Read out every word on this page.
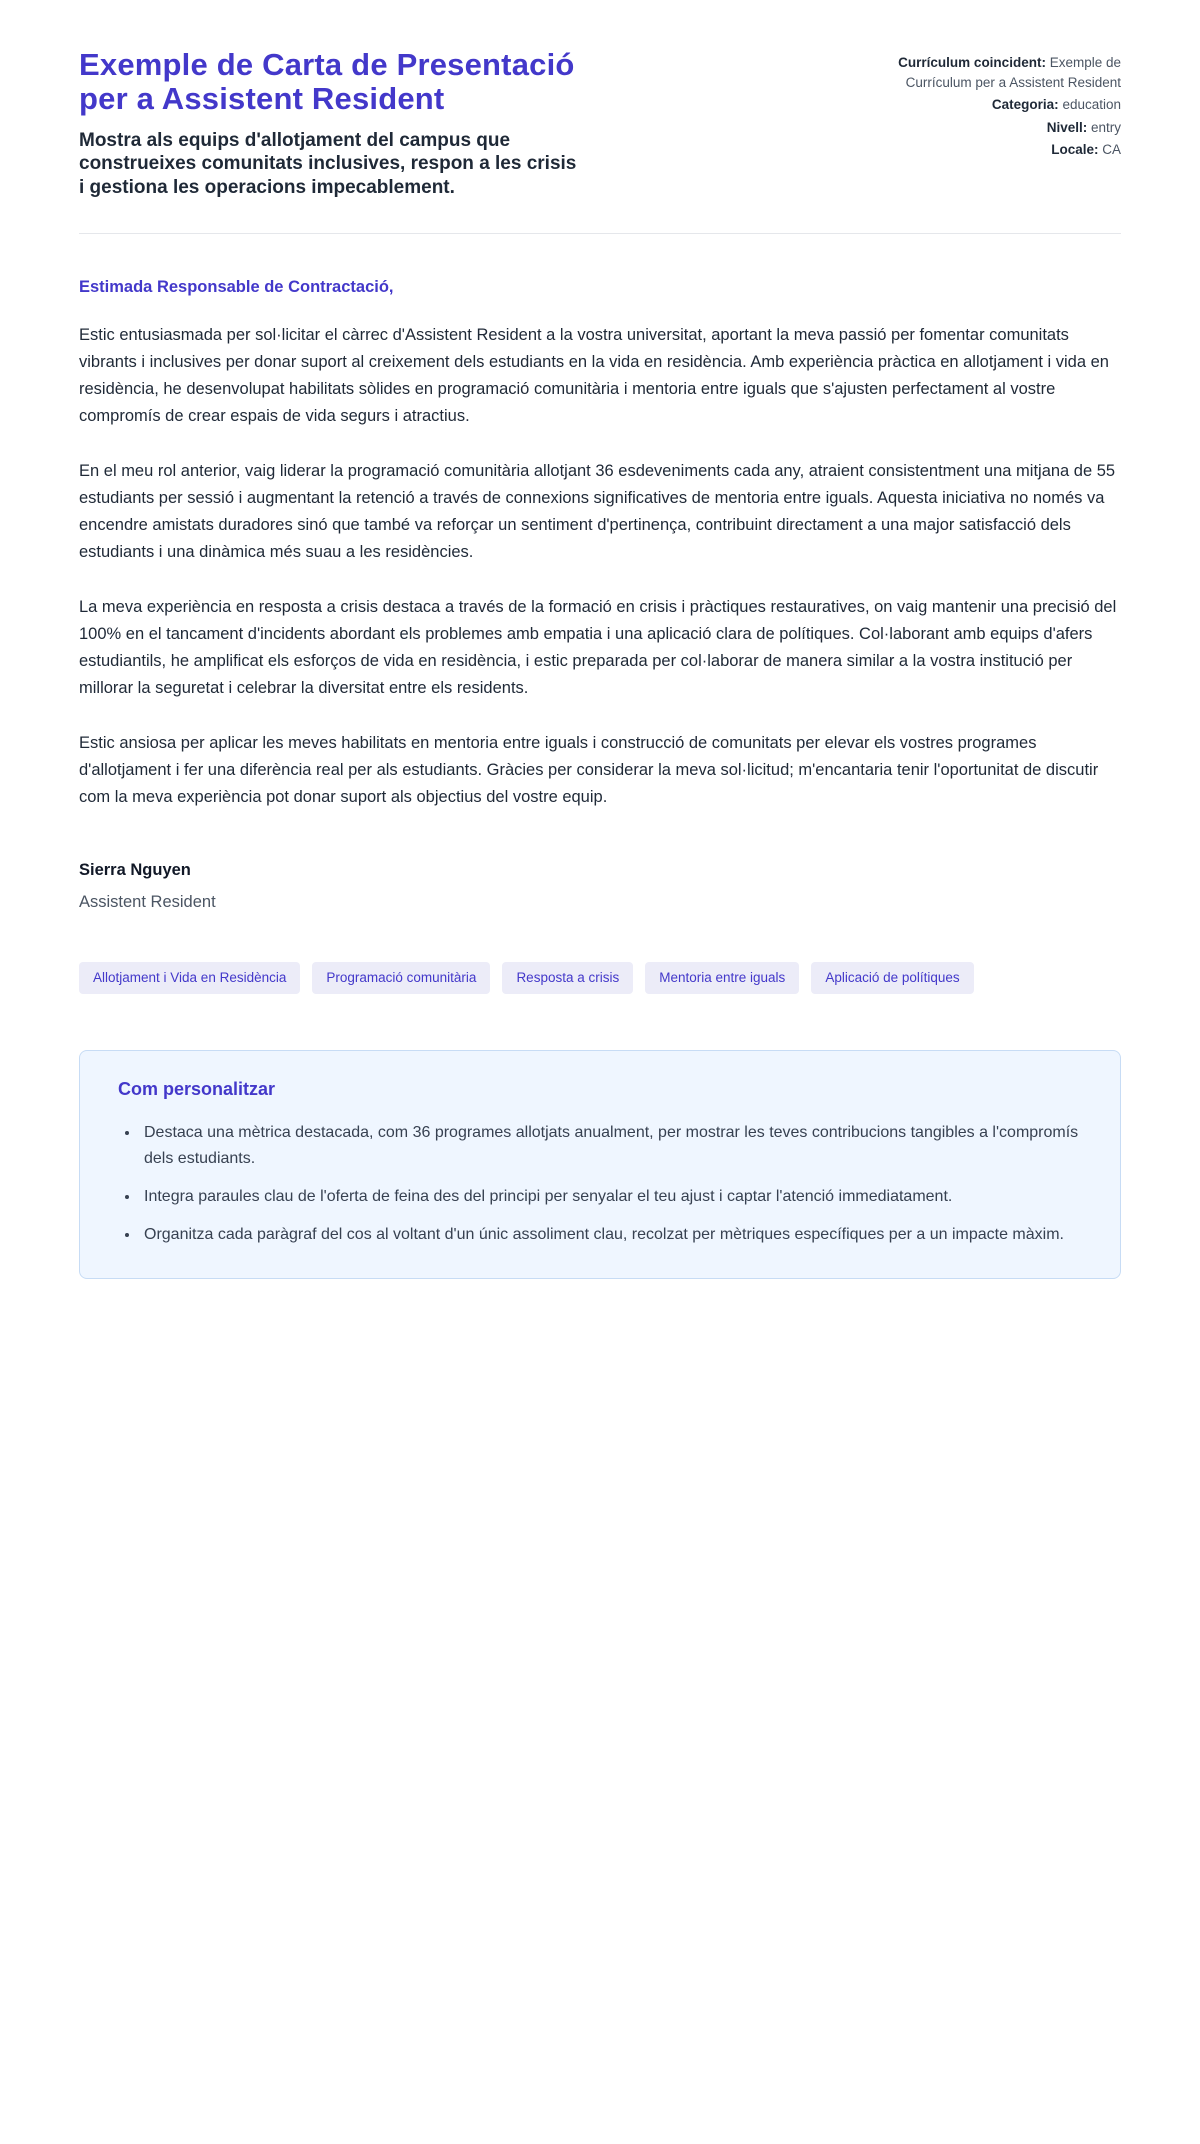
Exemple de Carta de Presentació per a Assistent Resident
Mostra als equips d'allotjament del campus que construeixes comunitats inclusives, respon a les crisis i gestiona les operacions impecablement.
Currículum coincident: Exemple de Currículum per a Assistent Resident
Categoria: education
Nivell: entry
Locale: CA
Estimada Responsable de Contractació,

Estic entusiasmada per sol·licitar el càrrec d'Assistent Resident a la vostra universitat, aportant la meva passió per fomentar comunitats vibrants i inclusives per donar suport al creixement dels estudiants en la vida en residència. Amb experiència pràctica en allotjament i vida en residència, he desenvolupat habilitats sòlides en programació comunitària i mentoria entre iguals que s'ajusten perfectament al vostre compromís de crear espais de vida segurs i atractius.

En el meu rol anterior, vaig liderar la programació comunitària allotjant 36 esdeveniments cada any, atraient consistentment una mitjana de 55 estudiants per sessió i augmentant la retenció a través de connexions significatives de mentoria entre iguals. Aquesta iniciativa no només va encendre amistats duradores sinó que també va reforçar un sentiment d'pertinença, contribuint directament a una major satisfacció dels estudiants i una dinàmica més suau a les residències.

La meva experiència en resposta a crisis destaca a través de la formació en crisis i pràctiques restauratives, on vaig mantenir una precisió del 100% en el tancament d'incidents abordant els problemes amb empatia i una aplicació clara de polítiques. Col·laborant amb equips d'afers estudiantils, he amplificat els esforços de vida en residència, i estic preparada per col·laborar de manera similar a la vostra institució per millorar la seguretat i celebrar la diversitat entre els residents.

Estic ansiosa per aplicar les meves habilitats en mentoria entre iguals i construcció de comunitats per elevar els vostres programes d'allotjament i fer una diferència real per als estudiants. Gràcies per considerar la meva sol·licitud; m'encantaria tenir l'oportunitat de discutir com la meva experiència pot donar suport als objectius del vostre equip.

Sierra Nguyen
Assistent Resident
Allotjament i Vida en Residència	Programació comunitària	Resposta a crisis	Mentoria entre iguals	Aplicació de polítiques
Com personalitzar
• Destaca una mètrica destacada, com 36 programes allotjats anualment, per mostrar les teves contribucions tangibles a l'compromís dels estudiants.
• Integra paraules clau de l'oferta de feina des del principi per senyalar el teu ajust i captar l'atenció immediatament.
• Organitza cada paràgraf del cos al voltant d'un únic assoliment clau, recolzat per mètriques específiques per a un impacte màxim.
